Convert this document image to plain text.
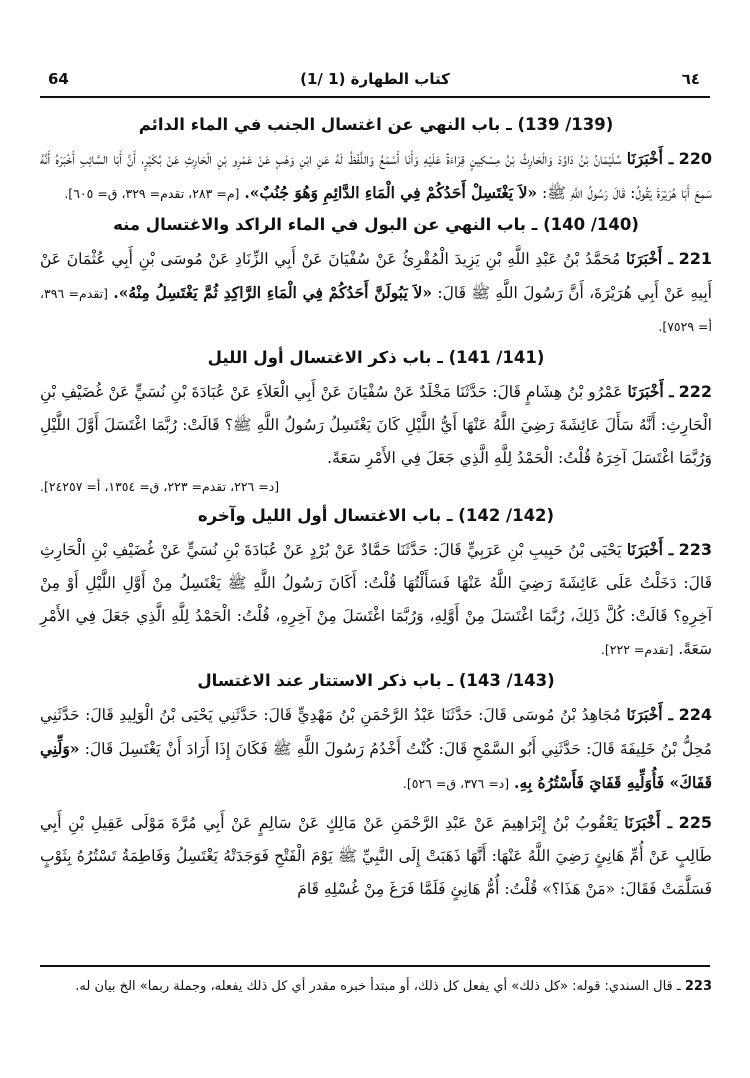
64	(1/ 1) كتاب الطهارة	٦٤
(139/ 139) ـ باب النهي عن اغتسال الجنب في الماء الدائم

220 ـ أَخْبَرَنَا سُلَيْمَانُ بْنُ دَاوُدَ وَالْحَارِثُ بْنُ مِسْكِينٍ قِرَاءَةً عَلَيْهِ وَأَنَا أَسْمَعُ وَاللَّفْظُ لَهُ عَنِ ابْنِ وَهْبٍ عَنْ عَمْرِو بْنِ الْحَارِثِ عَنْ بُكَيْرٍ، أَنَّ أَبَا السَّائِبِ أَخْبَرَهُ أَنَّهُ سَمِعَ أَبَا هُرَيْرَةَ يَقُولُ: قَالَ رَسُولُ اللَّهِ ﷺ: «لاَ يَغْتَسِلْ أَحَدُكُمْ فِي الْمَاءِ الدَّائِمِ وَهُوَ جُنُبٌ». [م= ٢٨٣، تقدم= ٣٢٩، ق= ٦٠٥].

(140/ 140) ـ باب النهي عن البول في الماء الراكد والاغتسال منه

221 ـ أَخْبَرَنَا مُحَمَّدُ بْنُ عَبْدِ اللَّهِ بْنِ يَزِيدَ الْمُقْرِئُ عَنْ سُفْيَانَ عَنْ أَبِي الزِّنَادِ عَنْ مُوسَى بْنِ أَبِي عُثْمَانَ عَنْ أَبِيهِ عَنْ أَبِي هُرَيْرَةَ، أَنَّ رَسُولَ اللَّهِ ﷺ قَالَ: «لاَ يَبُولَنَّ أَحَدُكُمْ فِي الْمَاءِ الرَّاكِدِ ثُمَّ يَغْتَسِلُ مِنْهُ». [تقدم= ٣٩٦، أ= ٧٥٢٩].

(141/ 141) ـ باب ذكر الاغتسال أول الليل

222 ـ أَخْبَرَنَا عَمْرُو بْنُ هِشَامٍ قَالَ: حَدَّثَنَا مَخْلَدٌ عَنْ سُفْيَانَ عَنْ أَبِي الْعَلاَءِ عَنْ عُبَادَةَ بْنِ نُسَيٍّ عَنْ غُضَيْفِ بْنِ الْحَارِثِ: أَنَّهُ سَأَلَ عَائِشَةَ رَضِيَ اللَّهُ عَنْهَا أَيُّ اللَّيْلِ كَانَ يَغْتَسِلُ رَسُولُ اللَّهِ ﷺ؟ قَالَتْ: رُبَّمَا اغْتَسَلَ أَوَّلَ اللَّيْلِ وَرُبَّمَا اغْتَسَلَ آخِرَهُ قُلْتُ: الْحَمْدُ لِلَّهِ الَّذِي جَعَلَ فِي الأَمْرِ سَعَةً.

[د= ٢٢٦، تقدم= ٢٢٣، ق= ١٣٥٤، أ= ٢٤٢٥٧].
(142/ 142) ـ باب الاغتسال أول الليل وآخره

223 ـ أَخْبَرَنَا يَحْيَى بْنُ حَبِيبِ بْنِ عَرَبِيٍّ قَالَ: حَدَّثَنَا حَمَّادٌ عَنْ بُرْدٍ عَنْ عُبَادَةَ بْنِ نُسَيٍّ عَنْ غُضَيْفِ بْنِ الْحَارِثِ قَالَ: دَخَلْتُ عَلَى عَائِشَةَ رَضِيَ اللَّهُ عَنْهَا فَسَأَلْتُهَا قُلْتُ: أَكَانَ رَسُولُ اللَّهِ ﷺ يَغْتَسِلُ مِنْ أَوَّلِ اللَّيْلِ أَوْ مِنْ آخِرِهِ؟ قَالَتْ: كُلَّ ذَلِكَ، رُبَّمَا اغْتَسَلَ مِنْ أَوَّلِهِ، وَرُبَّمَا اغْتَسَلَ مِنْ آخِرِهِ، قُلْتُ: الْحَمْدُ لِلَّهِ الَّذِي جَعَلَ فِي الأَمْرِ سَعَةً. [تقدم= ٢٢٢].

(143/ 143) ـ باب ذكر الاستتار عند الاغتسال

224 ـ أَخْبَرَنَا مُجَاهِدُ بْنُ مُوسَى قَالَ: حَدَّثَنَا عَبْدُ الرَّحْمَنِ بْنُ مَهْدِيٍّ قَالَ: حَدَّثَنِي يَحْيَى بْنُ الْوَلِيدِ قَالَ: حَدَّثَنِي مُحِلُّ بْنُ خَلِيفَةَ قَالَ: حَدَّثَنِي أَبُو السَّمْحِ قَالَ: كُنْتُ أَخْدُمُ رَسُولَ اللَّهِ ﷺ فَكَانَ إِذَا أَرَادَ أَنْ يَغْتَسِلَ قَالَ: «وَلِّنِي قَفَاكَ» فَأُوَلِّيهِ قَفَايَ فَأَسْتُرُهُ بِهِ. [د= ٣٧٦، ق= ٥٢٦].

225 ـ أَخْبَرَنَا يَعْقُوبُ بْنُ إِبْرَاهِيمَ عَنْ عَبْدِ الرَّحْمَنِ عَنْ مَالِكٍ عَنْ سَالِمٍ عَنْ أَبِي مُرَّةَ مَوْلَى عَقِيلِ بْنِ أَبِي طَالِبٍ عَنْ أُمِّ هَانِئٍ رَضِيَ اللَّهُ عَنْهَا: أَنَّهَا ذَهَبَتْ إِلَى النَّبِيِّ ﷺ يَوْمَ الْفَتْحِ فَوَجَدَتْهُ يَغْتَسِلُ وَفَاطِمَةُ تَسْتُرُهُ بِثَوْبٍ فَسَلَّمَتْ فَقَالَ: «مَنْ هَذَا؟» قُلْتُ: أُمُّ هَانِئٍ فَلَمَّا فَرَغَ مِنْ غُسْلِهِ قَامَ

223 ـ قال السندي: قوله: «كل ذلك» أي يفعل كل ذلك، أو مبتدأ خبره مقدر أي كل ذلك يفعله، وجملة ربما» الخ بيان له.
